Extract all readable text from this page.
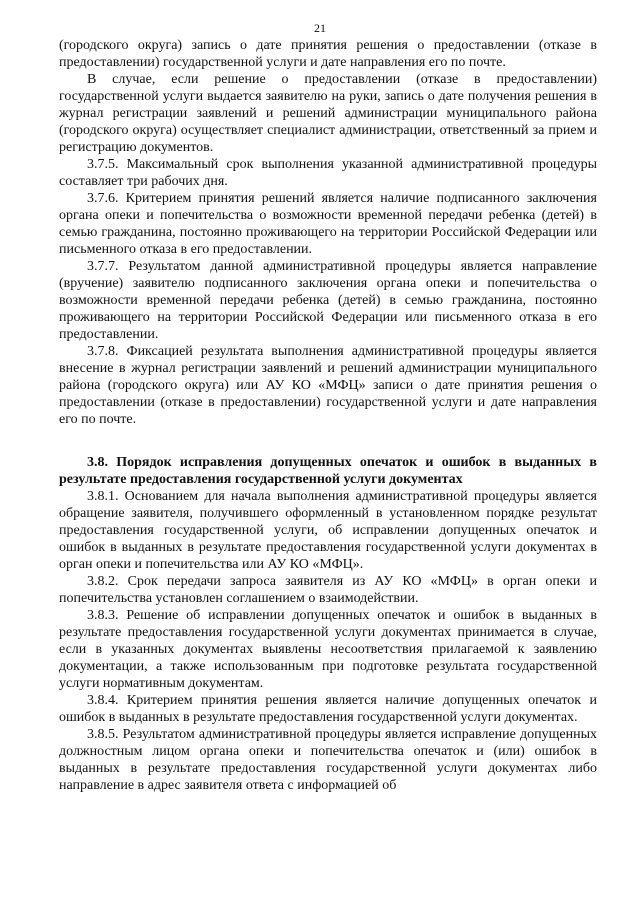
21

(городского округа) запись о дате принятия решения о предоставлении (отказе в предоставлении) государственной услуги и дате направления его по почте.

В случае, если решение о предоставлении (отказе в предоставлении) государственной услуги выдается заявителю на руки, запись о дате получения решения в журнал регистрации заявлений и решений администрации муниципального района (городского округа) осуществляет специалист администрации, ответственный за прием и регистрацию документов.

3.7.5. Максимальный срок выполнения указанной административной процедуры составляет три рабочих дня.

3.7.6. Критерием принятия решений является наличие подписанного заключения органа опеки и попечительства о возможности временной передачи ребенка (детей) в семью гражданина, постоянно проживающего на территории Российской Федерации или письменного отказа в его предоставлении.

3.7.7. Результатом данной административной процедуры является направление (вручение) заявителю подписанного заключения органа опеки и попечительства о возможности временной передачи ребенка (детей) в семью гражданина, постоянно проживающего на территории Российской Федерации или письменного отказа в его предоставлении.

3.7.8. Фиксацией результата выполнения административной процедуры является внесение в журнал регистрации заявлений и решений администрации муниципального района (городского округа) или АУ КО «МФЦ» записи о дате принятия решения о предоставлении (отказе в предоставлении) государственной услуги и дате направления его по почте.

3.8. Порядок исправления допущенных опечаток и ошибок в выданных в результате предоставления государственной услуги документах

3.8.1. Основанием для начала выполнения административной процедуры является обращение заявителя, получившего оформленный в установленном порядке результат предоставления государственной услуги, об исправлении допущенных опечаток и ошибок в выданных в результате предоставления государственной услуги документах в орган опеки и попечительства или АУ КО «МФЦ».

3.8.2. Срок передачи запроса заявителя из АУ КО «МФЦ» в орган опеки и попечительства установлен соглашением о взаимодействии.

3.8.3. Решение об исправлении допущенных опечаток и ошибок в выданных в результате предоставления государственной услуги документах принимается в случае, если в указанных документах выявлены несоответствия прилагаемой к заявлению документации, а также использованным при подготовке результата государственной услуги нормативным документам.

3.8.4. Критерием принятия решения является наличие допущенных опечаток и ошибок в выданных в результате предоставления государственной услуги документах.

3.8.5. Результатом административной процедуры является исправление допущенных должностным лицом органа опеки и попечительства опечаток и (или) ошибок в выданных в результате предоставления государственной услуги документах либо направление в адрес заявителя ответа с информацией об
